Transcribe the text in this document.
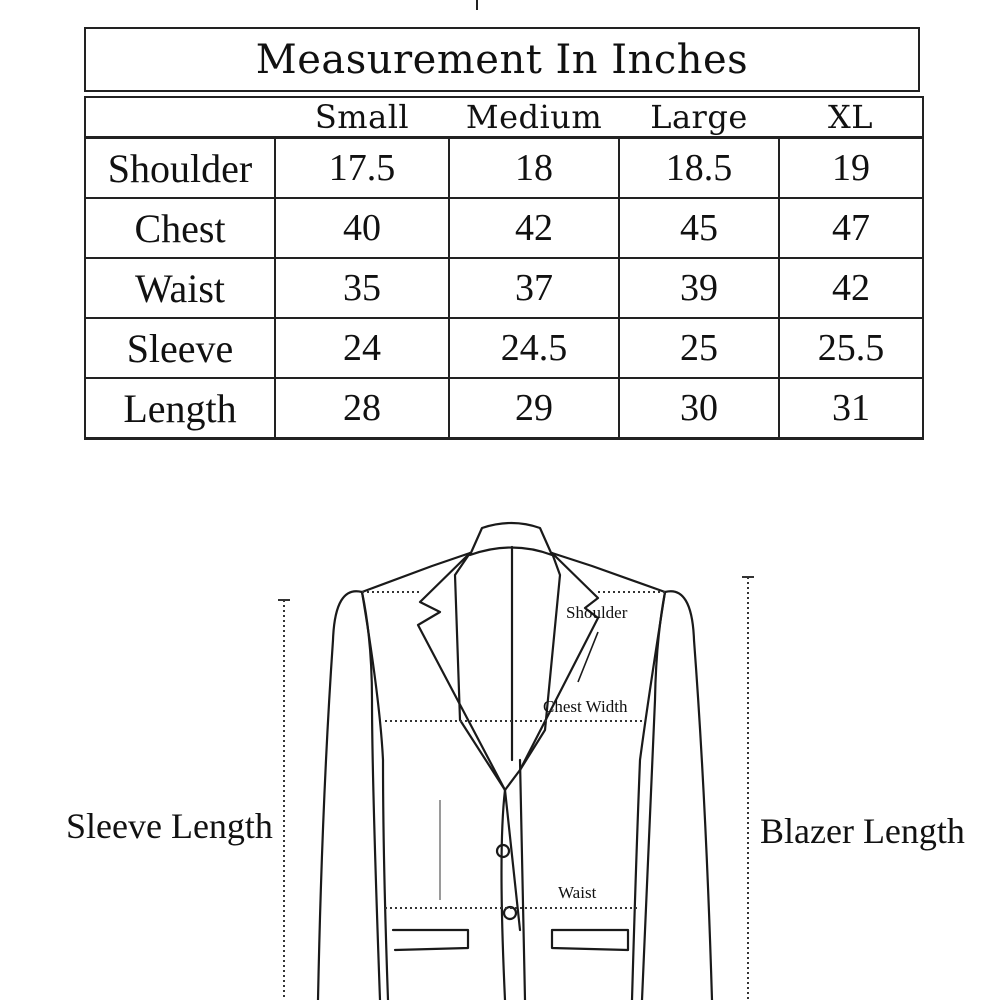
Measurement In Inches
	Small	Medium	Large	XL
Shoulder	17.5	18	18.5	19
Chest	40	42	45	47
Waist	35	37	39	42
Sleeve	24	24.5	25	25.5
Length	28	29	30	31
Shoulder
Chest Width
Waist
Sleeve Length	Blazer Length
